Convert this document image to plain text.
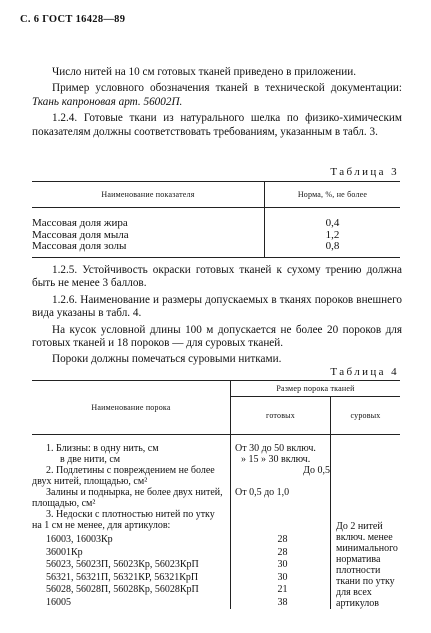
С. 6 ГОСТ 16428—89

Число нитей на 10 см готовых тканей приведено в приложении.

Пример условного обозначения тканей в технической документации: Ткань капроновая арт. 56002П.

1.2.4. Готовые ткани из натурального шелка по физико-химическим показателям должны соответствовать требованиям, указанным в табл. 3.

Таблица 3
Наименование показателя	Норма, %, не более

Массовая доля жира	0,4
Массовая доля мыла	1,2
Массовая доля золы	0,8

1.2.5. Устойчивость окраски готовых тканей к сухому трению должна быть не менее 3 баллов.

1.2.6. Наименование и размеры допускаемых в тканях пороков внешнего вида указаны в табл. 4.

На кусок условной длины 100 м допускается не более 20 пороков для готовых тканей и 18 пороков — для суровых тканей.

Пороки должны помечаться суровыми нитками.

Таблица 4
Наименование порока	Размер порока тканей	
	готовых	суровых

1. Близны: в одну нить, см
в две нити, см	От 30 до 50 включ.
» 15 » 30 включ.	

2. Подлетины с повреждением не более двух нитей, площадью, см²	До 0,5	

Залины и поднырка, не более двух нитей, площадью, см²	От 0,5 до 1,0	

3. Недоски с плотностью нитей по утку на 1 см не менее, для артикулов:		До 2 нитей включ. менее минимального норматива плотности ткани по утку для всех артикулов
16003, 16003Кр	28	

36001Кр	28	

56023, 56023П, 56023Кр, 56023КрП	30	

56321, 56321П, 56321КР, 56321КрП	30	

56028, 56028П, 56028Кр, 56028КрП	21	

16005	38	
